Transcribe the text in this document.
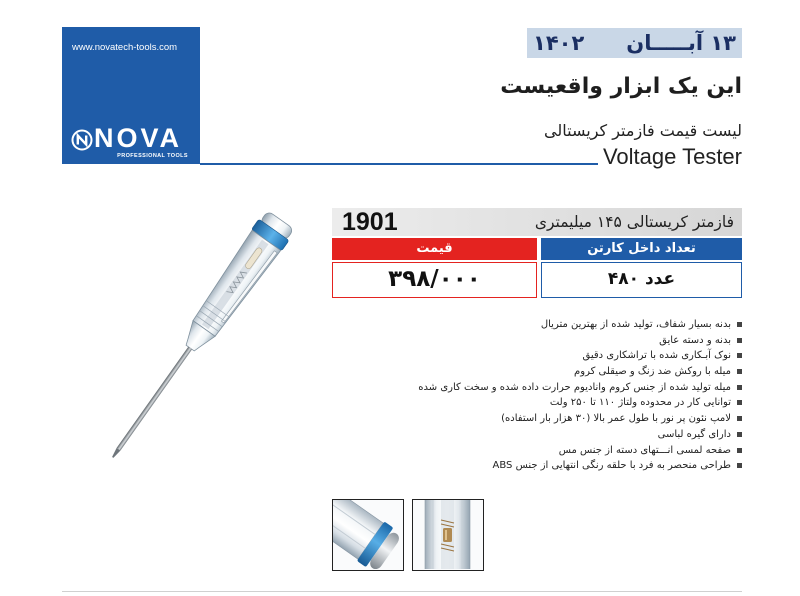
www.novatech-tools.com
NOVA
PROFESSIONAL TOOLS
۱۳ آبـــــان
۱۴۰۲
این یک ابزار واقعیست
لیست قیمت فازمتر کریستالی
Voltage Tester
1901	فازمتر کریستالی ۱۴۵ میلیمتری
قیمت	تعداد داخل کارتن
۳۹۸/۰۰۰	۴۸۰ عدد
بدنه بسیار شفاف، تولید شده از بهترین متریال
بدنه و دسته عایق
نوک آبـکاری شده با تراشکاری دقیق
میله با روکش ضد زنگ و صیقلی کروم
میله تولید شده از جنس کروم وانادیوم حرارت داده شده و سخت کاری شده
توانایی کار در محدوده ولتاژ ۱۱۰ تا ۲۵۰ ولت
لامپ نئون پر نور با طول عمر بالا (۳۰ هزار بار استفاده)
دارای گیره لباسی
صفحه لمسی انـــتهای دسته از جنس مس
طراحی منحصر به فرد با حلقه رنگی انتهایی از جنس ABS
